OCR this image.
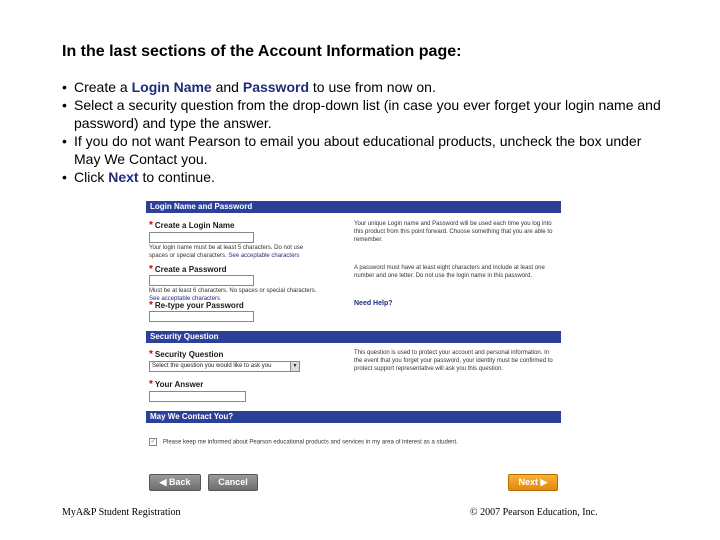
In the last sections of the Account Information page:
• Create a Login Name and Password to use from now on.
• Select a security question from the drop-down list (in case you ever forget your login name and password) and type the answer.
• If you do not want Pearson to email you about educational products, uncheck the box under May We Contact you.
• Click Next to continue.
Login Name and Password
* Create a Login Name
Your login name must be at least 5 characters. Do not use spaces or special characters. See acceptable characters
Your unique Login name and Password will be used each time you log into this product from this point forward. Choose something that you are able to remember.
* Create a Password
Must be at least 6 characters. No spaces or special characters. See acceptable characters
A password must have at least eight characters and include at least one number and one letter. Do not use the login name in this password.
* Re-type your Password	Need Help?
Security Question
* Security Question
Select the question you would like to ask you	▼
This question is used to protect your account and personal information. In the event that you forget your password, your identity must be confirmed to protect support representative will ask you this question.
* Your Answer
May We Contact You?
✓ Please keep me informed about Pearson educational products and services in my area of interest as a student.
◀ Back	Cancel	Next ▶
MyA&P Student Registration	© 2007 Pearson Education, Inc.
